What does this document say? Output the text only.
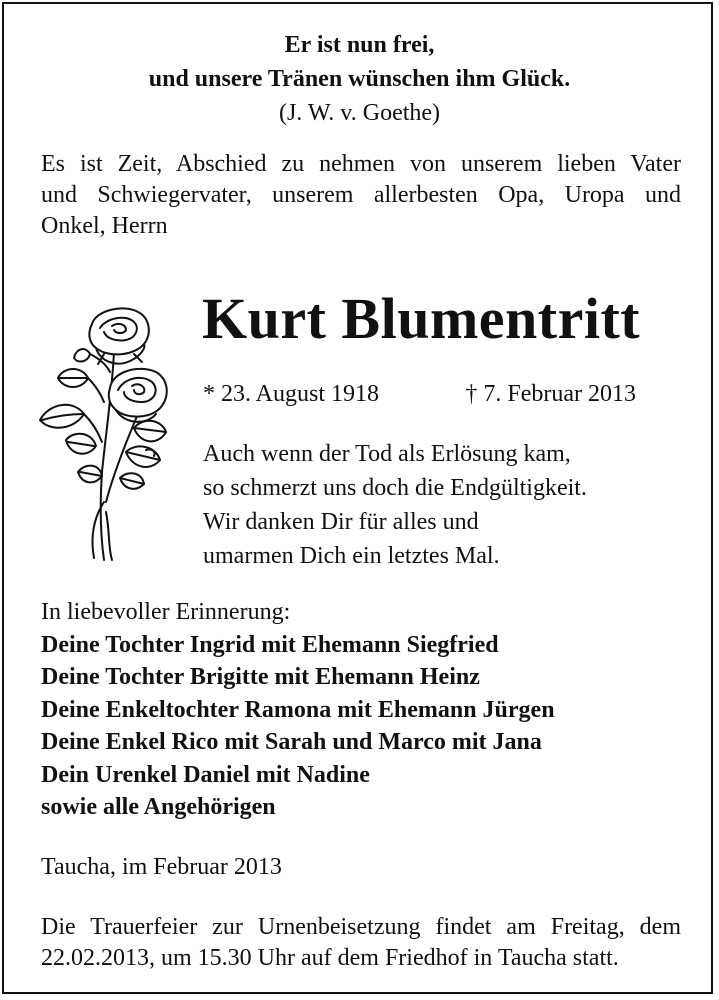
Er ist nun frei,
und unsere Tränen wünschen ihm Glück.
(J. W. v. Goethe)
Es ist Zeit, Abschied zu nehmen von unserem lieben Vater
und Schwiegervater, unserem allerbesten Opa, Uropa und
Onkel, Herrn
Kurt Blumentritt
* 23. August 1918	† 7. Februar 2013
Auch wenn der Tod als Erlösung kam,
so schmerzt uns doch die Endgültigkeit.
Wir danken Dir für alles und
umarmen Dich ein letztes Mal.
In liebevoller Erinnerung:
Deine Tochter Ingrid mit Ehemann Siegfried
Deine Tochter Brigitte mit Ehemann Heinz
Deine Enkeltochter Ramona mit Ehemann Jürgen
Deine Enkel Rico mit Sarah und Marco mit Jana
Dein Urenkel Daniel mit Nadine
sowie alle Angehörigen
Taucha, im Februar 2013
Die Trauerfeier zur Urnenbeisetzung findet am Freitag, dem
22.02.2013, um 15.30 Uhr auf dem Friedhof in Taucha statt.
